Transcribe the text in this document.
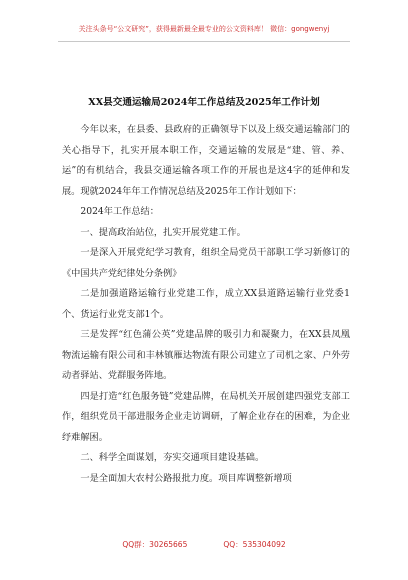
关注头条号“公文研究”，获得最新最全最专业的公文资料库！ 微信：gongwenyj
XX县交通运输局2024年工作总结及2025年工作计划

今年以来，在县委、县政府的正确领导下以及上级交通运输部门的关心指导下，扎实开展本职工作，交通运输的发展是“建、管、养、运”的有机结合，我县交通运输各项工作的开展也是这4字的延伸和发展。现就2024年年工作情况总结及2025年工作计划如下：

2024年工作总结：

一、提高政治站位，扎实开展党建工作。

一是深入开展党纪学习教育，组织全局党员干部职工学习新修订的《中国共产党纪律处分条例》

二是加强道路运输行业党建工作，成立XX县道路运输行业党委1个、货运行业党支部1个。

三是发挥“红色蒲公英”党建品牌的吸引力和凝聚力，在XX县凤凰物流运输有限公司和丰林镇雁达物流有限公司建立了司机之家、户外劳动者驿站、党群服务阵地。

四是打造“红色服务链”党建品牌，在局机关开展创建四强党支部工作，组织党员干部进服务企业走访调研，了解企业存在的困难，为企业纾难解困。

二、科学全面谋划，夯实交通项目建设基础。

一是全面加大农村公路报批力度。项目库调整新增项

QQ群：30265665	QQ：535304092
